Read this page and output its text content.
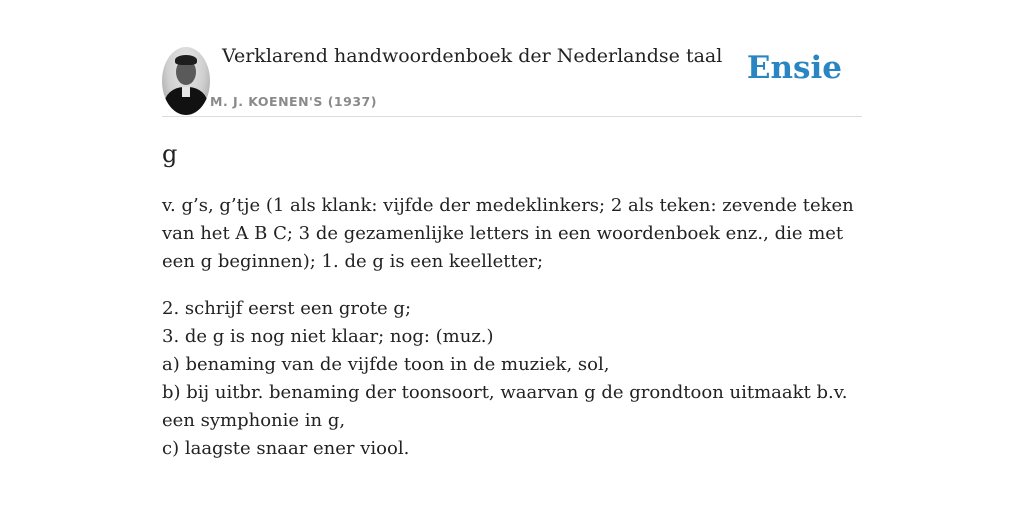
Verklarend handwoordenboek der Nederlandse taal
M. J. KOENEN'S (1937)
Ensie
g

v. g’s, g’tje (1 als klank: vijfde der medeklinkers; 2 als teken: zevende teken van het A B C; 3 de gezamenlijke letters in een woordenboek enz., die met een g beginnen); 1. de g is een keelletter;

2. schrijf eerst een grote g;
3. de g is nog niet klaar; nog: (muz.)
a) benaming van de vijfde toon in de muziek, sol,
b) bij uitbr. benaming der toonsoort, waarvan g de grondtoon uitmaakt b.v. een symphonie in g,
c) laagste snaar ener viool.
